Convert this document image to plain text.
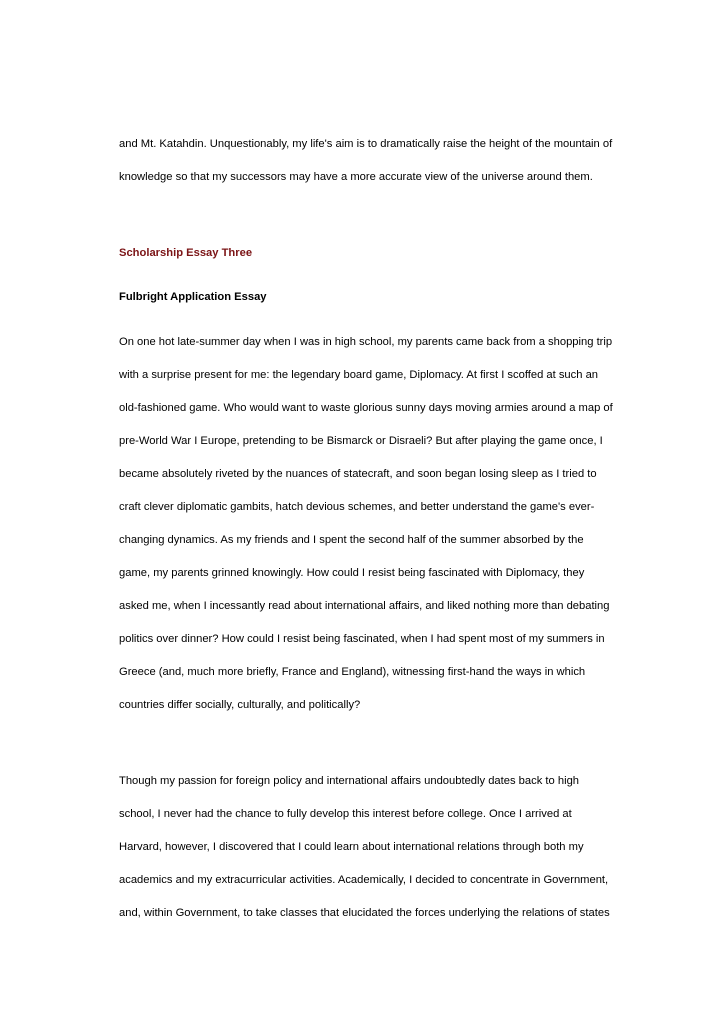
and Mt. Katahdin. Unquestionably, my life's aim is to dramatically raise the height of the mountain of
knowledge so that my successors may have a more accurate view of the universe around them.
Scholarship Essay Three
Fulbright Application Essay
On one hot late-summer day when I was in high school, my parents came back from a shopping trip
with a surprise present for me: the legendary board game, Diplomacy. At first I scoffed at such an
old-fashioned game. Who would want to waste glorious sunny days moving armies around a map of
pre-World War I Europe, pretending to be Bismarck or Disraeli? But after playing the game once, I
became absolutely riveted by the nuances of statecraft, and soon began losing sleep as I tried to
craft clever diplomatic gambits, hatch devious schemes, and better understand the game's ever-
changing dynamics. As my friends and I spent the second half of the summer absorbed by the
game, my parents grinned knowingly. How could I resist being fascinated with Diplomacy, they
asked me, when I incessantly read about international affairs, and liked nothing more than debating
politics over dinner? How could I resist being fascinated, when I had spent most of my summers in
Greece (and, much more briefly, France and England), witnessing first-hand the ways in which
countries differ socially, culturally, and politically?
Though my passion for foreign policy and international affairs undoubtedly dates back to high
school, I never had the chance to fully develop this interest before college. Once I arrived at
Harvard, however, I discovered that I could learn about international relations through both my
academics and my extracurricular activities. Academically, I decided to concentrate in Government,
and, within Government, to take classes that elucidated the forces underlying the relations of states
